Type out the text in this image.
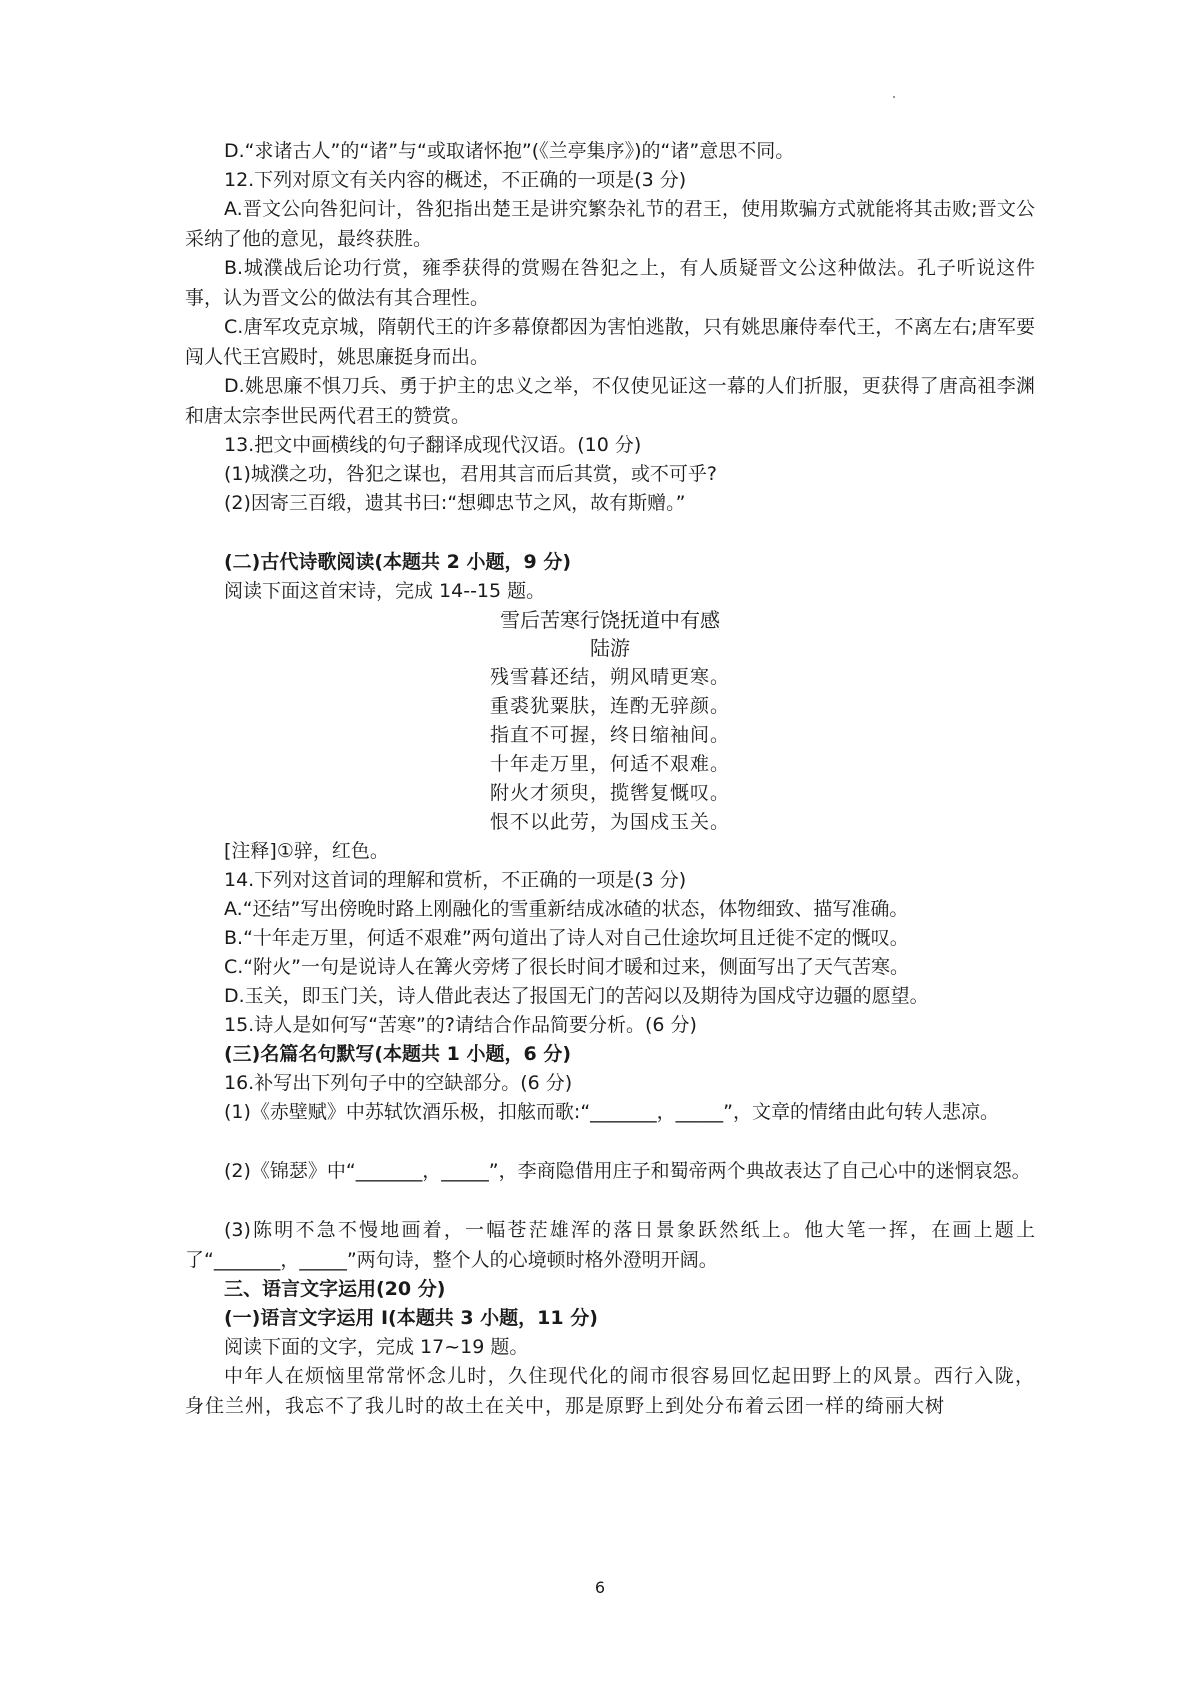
D.“求诸古人”的“诸”与“或取诸怀抱”(《兰亭集序》)的“诸”意思不同。
12.下列对原文有关内容的概述，不正确的一项是(3 分)
A.晋文公向咎犯问计，咎犯指出楚王是讲究繁杂礼节的君王，使用欺骗方式就能将其击败;晋文公采纳了他的意见，最终获胜。
B.城濮战后论功行赏，雍季获得的赏赐在咎犯之上，有人质疑晋文公这种做法。孔子听说这件事，认为晋文公的做法有其合理性。
C.唐军攻克京城，隋朝代王的许多幕僚都因为害怕逃散，只有姚思廉侍奉代王，不离左右;唐军要闯人代王宫殿时，姚思廉挺身而出。
D.姚思廉不惧刀兵、勇于护主的忠义之举，不仅使见证这一幕的人们折服，更获得了唐高祖李渊和唐太宗李世民两代君王的赞赏。
13.把文中画横线的句子翻译成现代汉语。(10 分)
(1)城濮之功，咎犯之谋也，君用其言而后其赏，或不可乎?
(2)因寄三百缎，遗其书曰:“想卿忠节之风，故有斯赠。”
(二)古代诗歌阅读(本题共 2 小题，9 分)
阅读下面这首宋诗，完成 14--15 题。
雪后苦寒行饶抚道中有感
陆游
残雪暮还结，朔风晴更寒。
重裘犹粟肤，连酌无骍颜。
指直不可握，终日缩袖间。
十年走万里，何适不艰难。
附火才须臾，揽辔复慨叹。
恨不以此劳，为国戍玉关。
[注释]①骍，红色。
14.下列对这首词的理解和赏析，不正确的一项是(3 分)
A.“还结”写出傍晚时路上刚融化的雪重新结成冰碴的状态，体物细致、描写准确。
B.“十年走万里，何适不艰难”两句道出了诗人对自己仕途坎坷且迁徙不定的慨叹。
C.“附火”一句是说诗人在篝火旁烤了很长时间才暖和过来，侧面写出了天气苦寒。
D.玉关，即玉门关，诗人借此表达了报国无门的苦闷以及期待为国戍守边疆的愿望。
15.诗人是如何写“苦寒”的?请结合作品简要分析。(6 分)
(三)名篇名句默写(本题共 1 小题，6 分)
16.补写出下列句子中的空缺部分。(6 分)
(1)《赤壁赋》中苏轼饮酒乐极，扣舷而歌:“_______，_____”，文章的情绪由此句转人悲凉。
(2)《锦瑟》中“_______，_____”，李商隐借用庄子和蜀帝两个典故表达了自己心中的迷惘哀怨。
(3)陈明不急不慢地画着，一幅苍茫雄浑的落日景象跃然纸上。他大笔一挥，在画上题上了“_______，_____”两句诗，整个人的心境顿时格外澄明开阔。
三、语言文字运用(20 分)
(一)语言文字运用 I(本题共 3 小题，11 分)
阅读下面的文字，完成 17~19 题。
中年人在烦恼里常常怀念儿时，久住现代化的闹市很容易回忆起田野上的风景。西行入陇，身住兰州，我忘不了我儿时的故土在关中，那是原野上到处分布着云团一样的绮丽大树
6
